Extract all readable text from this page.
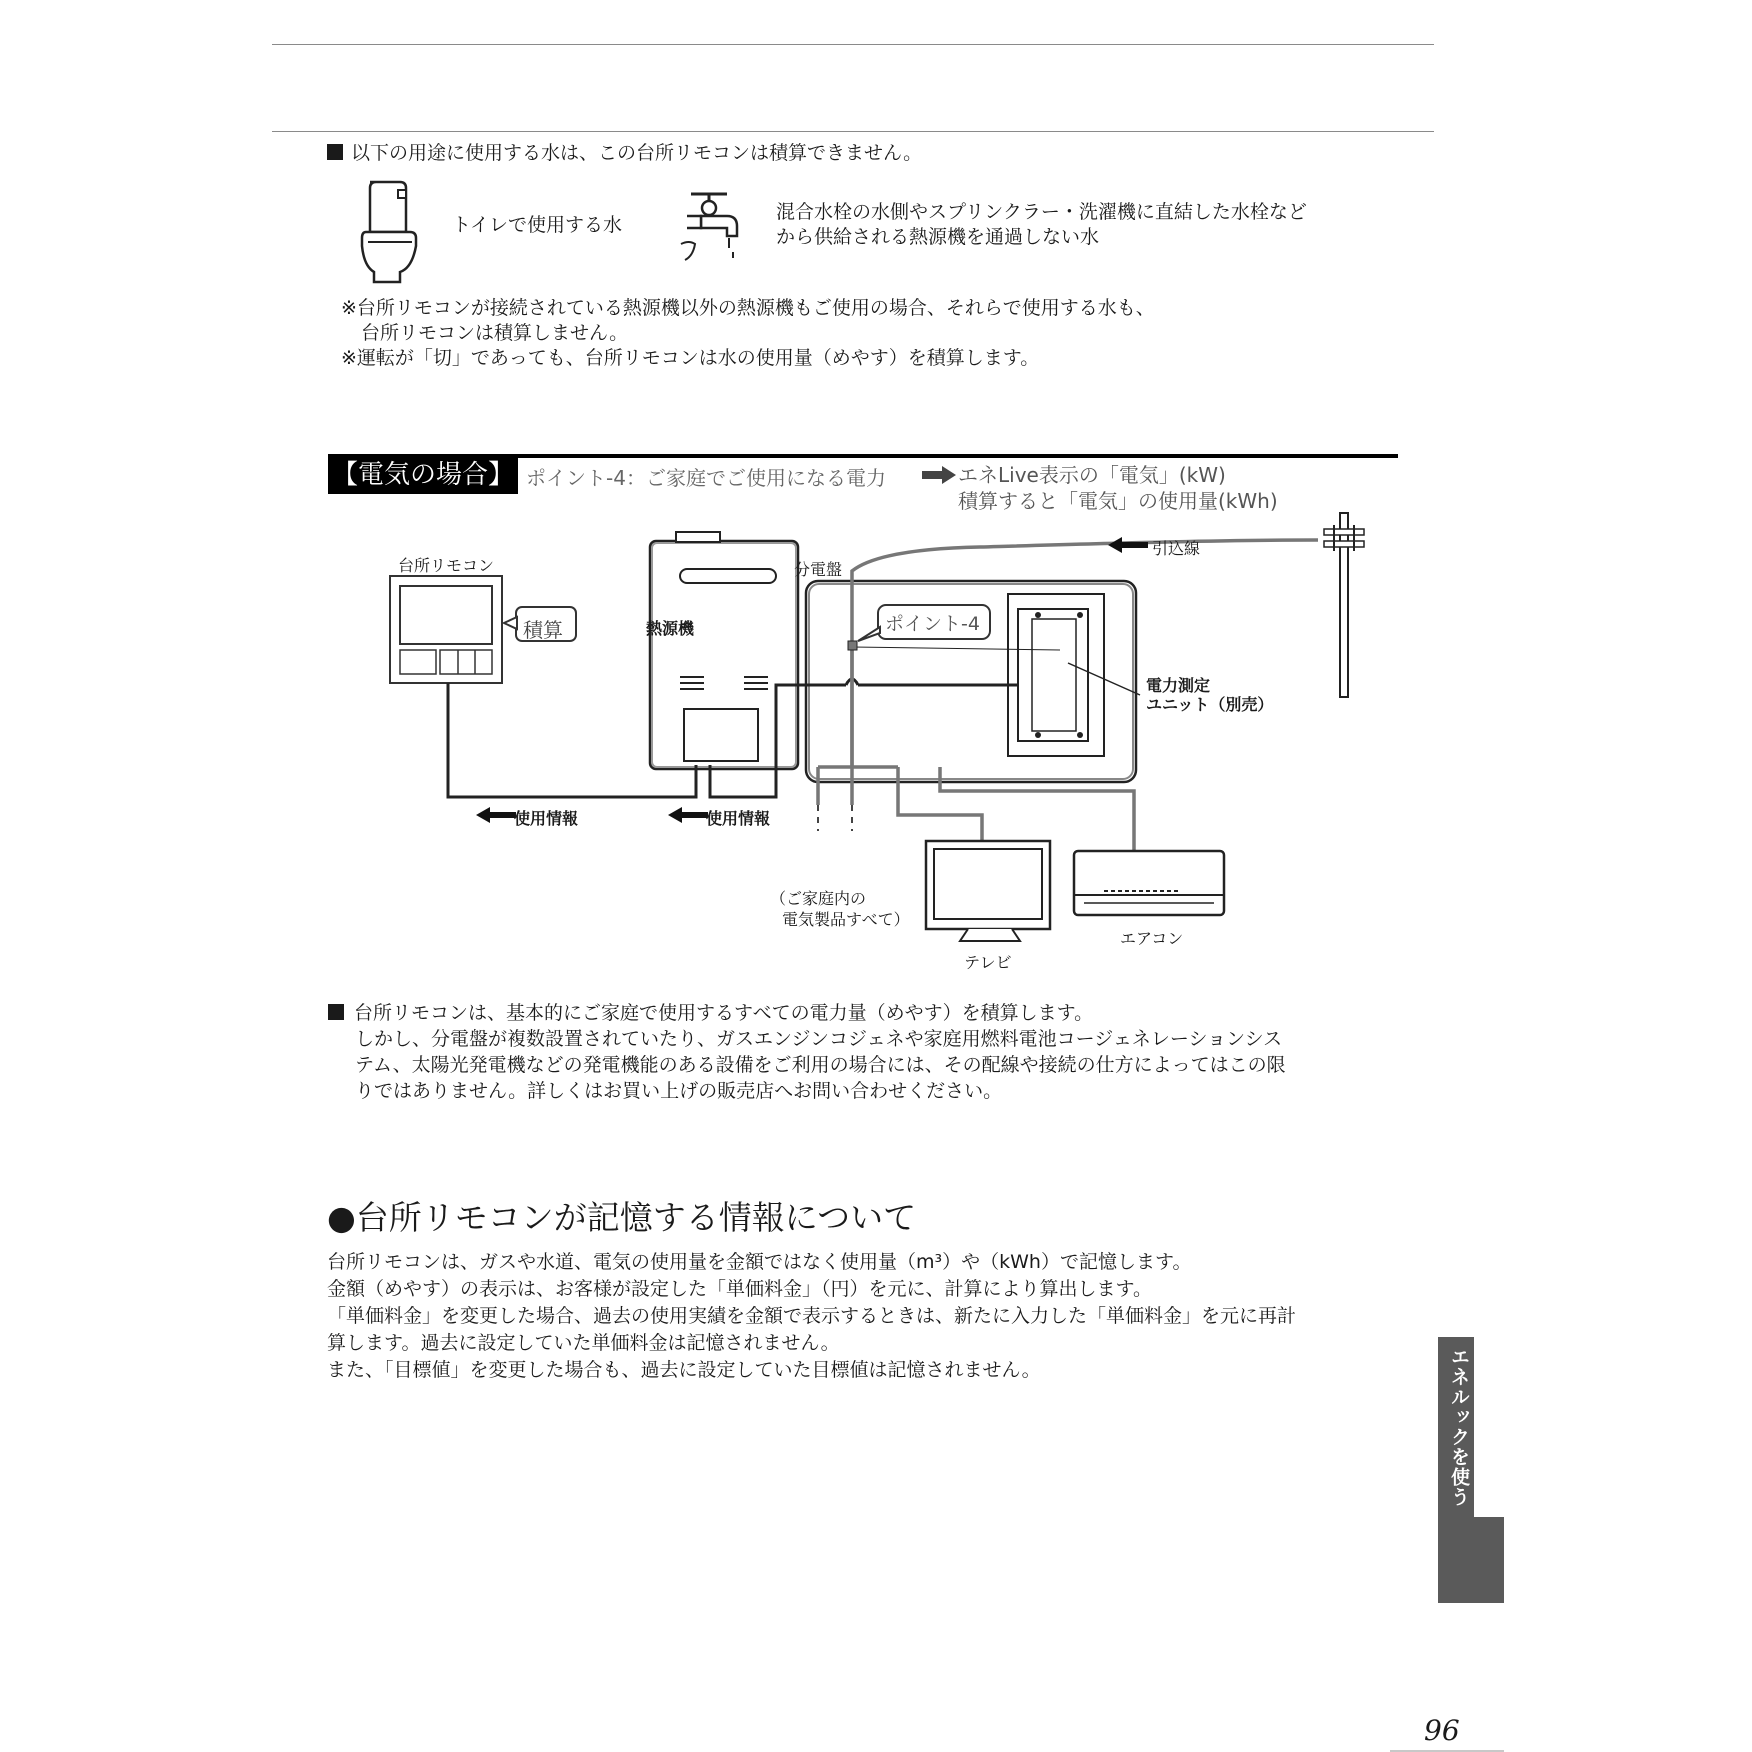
以下の用途に使用する水は、この台所リモコンは積算できません。
トイレで使用する水
混合水栓の水側やスプリンクラー・洗濯機に直結した水栓など
から供給される熱源機を通過しない水
※台所リモコンが接続されている熱源機以外の熱源機もご使用の場合、それらで使用する水も、
台所リモコンは積算しません。
※運転が「切」であっても、台所リモコンは水の使用量（めやす）を積算します。
【電気の場合】 ポイント-4：ご家庭でご使用になる電力	エネLive表示の「電気」(kW)
積算すると「電気」の使用量(kWh)
台所リモコン
積算	熱源機
分電盤
ポイント-4
引込線
電力測定
ユニット（別売）
使用情報	使用情報
（ご家庭内の
電気製品すべて）
テレビ
エアコン
台所リモコンは、基本的にご家庭で使用するすべての電力量（めやす）を積算します。
しかし、分電盤が複数設置されていたり、ガスエンジンコジェネや家庭用燃料電池コージェネレーションシス
テム、太陽光発電機などの発電機能のある設備をご利用の場合には、その配線や接続の仕方によってはこの限
りではありません。詳しくはお買い上げの販売店へお問い合わせください。
●台所リモコンが記憶する情報について
台所リモコンは、ガスや水道、電気の使用量を金額ではなく使用量（m³）や（kWh）で記憶します。
金額（めやす）の表示は、お客様が設定した「単価料金」（円）を元に、計算により算出します。
「単価料金」を変更した場合、過去の使用実績を金額で表示するときは、新たに入力した「単価料金」を元に再計
算します。過去に設定していた単価料金は記憶されません。
また、「目標値」を変更した場合も、過去に設定していた目標値は記憶されません。	エネルックを使う
96
